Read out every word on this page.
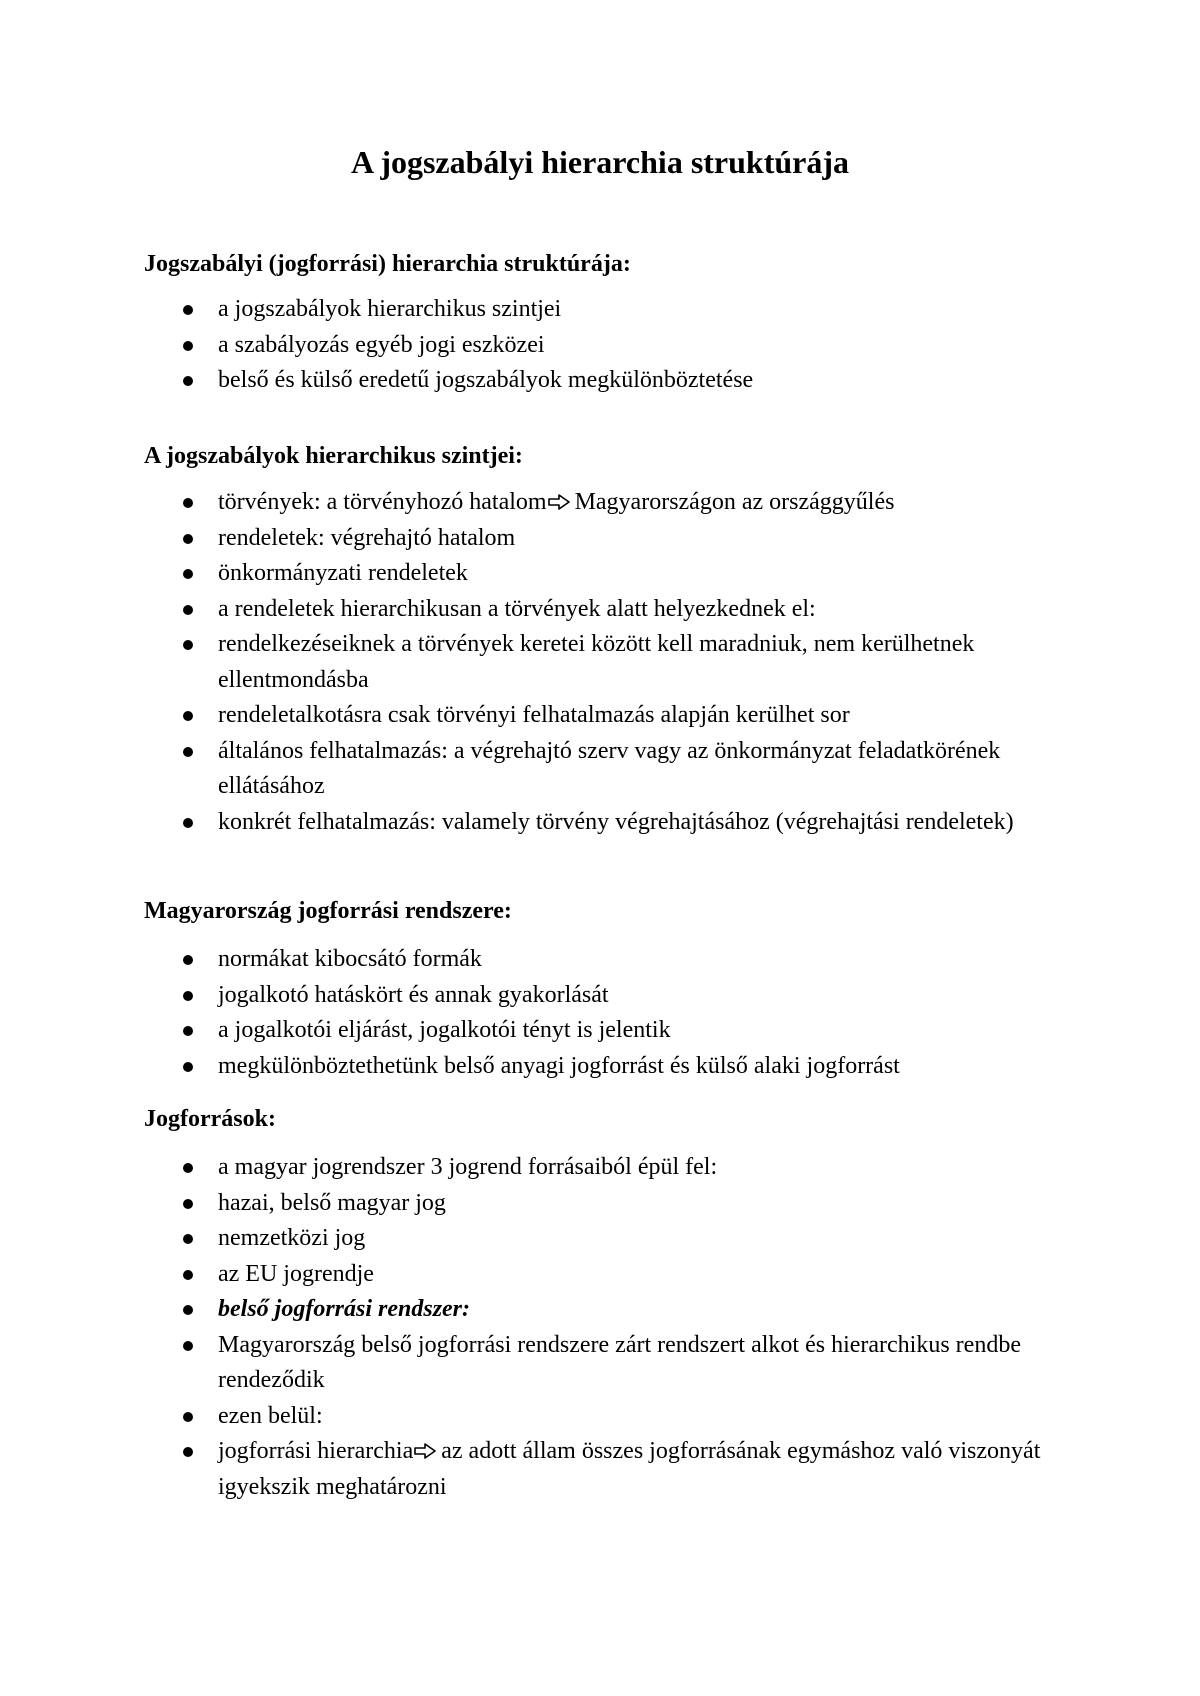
A jogszabályi hierarchia struktúrája
Jogszabályi (jogforrási) hierarchia struktúrája:
a jogszabályok hierarchikus szintjei
a szabályozás egyéb jogi eszközei
belső és külső eredetű jogszabályok megkülönböztetése
A jogszabályok hierarchikus szintjei:
törvények: a törvényhozó hatalom Magyarországon az országgyűlés
rendeletek: végrehajtó hatalom
önkormányzati rendeletek
a rendeletek hierarchikusan a törvények alatt helyezkednek el:
rendelkezéseiknek a törvények keretei között kell maradniuk, nem kerülhetnek ellentmondásba
rendeletalkotásra csak törvényi felhatalmazás alapján kerülhet sor
általános felhatalmazás: a végrehajtó szerv vagy az önkormányzat feladatkörének ellátásához
konkrét felhatalmazás: valamely törvény végrehajtásához (végrehajtási rendeletek)
Magyarország jogforrási rendszere:
normákat kibocsátó formák
jogalkotó hatáskört és annak gyakorlását
a jogalkotói eljárást, jogalkotói tényt is jelentik
megkülönböztethetünk belső anyagi jogforrást és külső alaki jogforrást
Jogforrások:
a magyar jogrendszer 3 jogrend forrásaiból épül fel:
hazai, belső magyar jog
nemzetközi jog
az EU jogrendje
belső jogforrási rendszer:
Magyarország belső jogforrási rendszere zárt rendszert alkot és hierarchikus rendbe rendeződik
ezen belül:
jogforrási hierarchia az adott állam összes jogforrásának egymáshoz való viszonyát igyekszik meghatározni
